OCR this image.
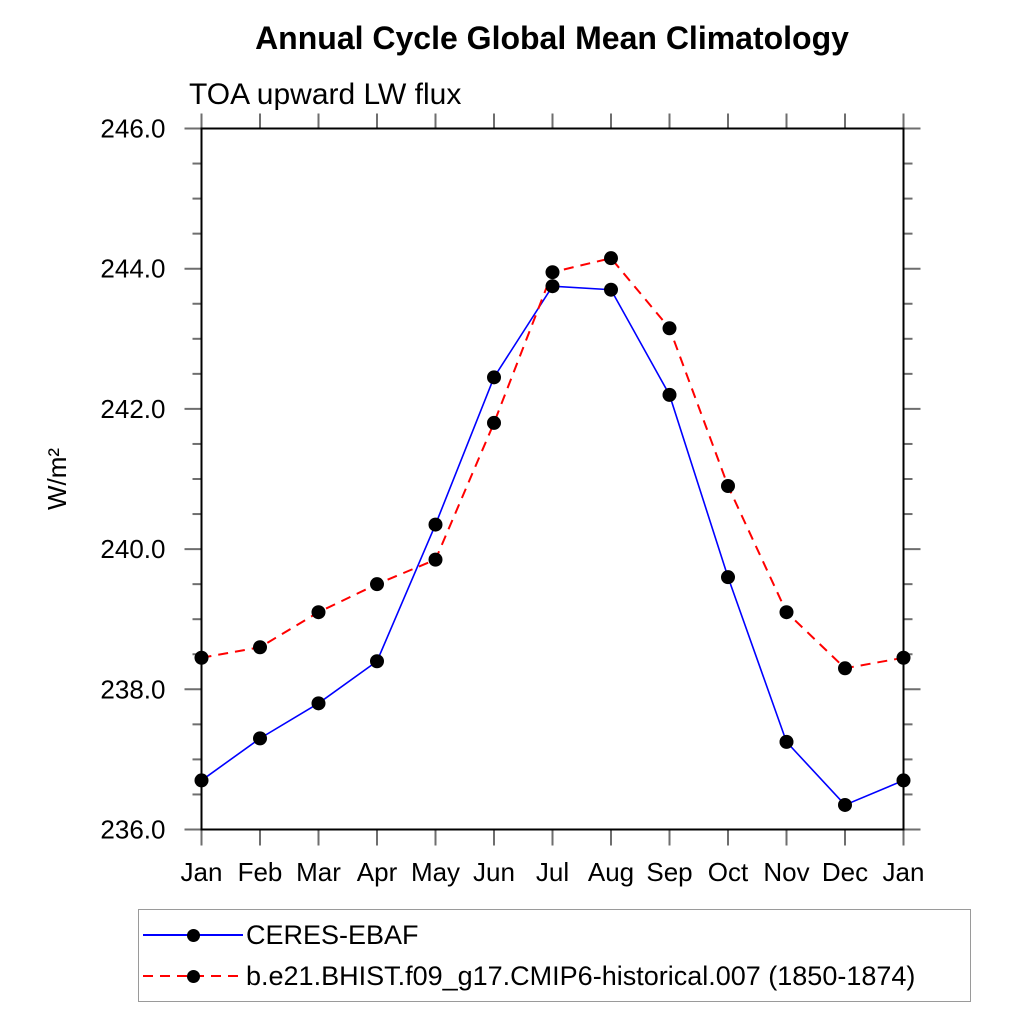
Annual Cycle Global Mean Climatology
TOA upward LW flux
Jan Feb Mar Apr May Jun Jul Aug Sep Oct Nov Dec Jan
236.0
238.0
240.0
242.0
244.0
246.0
W/m²
CERES-EBAF
b.e21.BHIST.f09_g17.CMIP6-historical.007 (1850-1874)
